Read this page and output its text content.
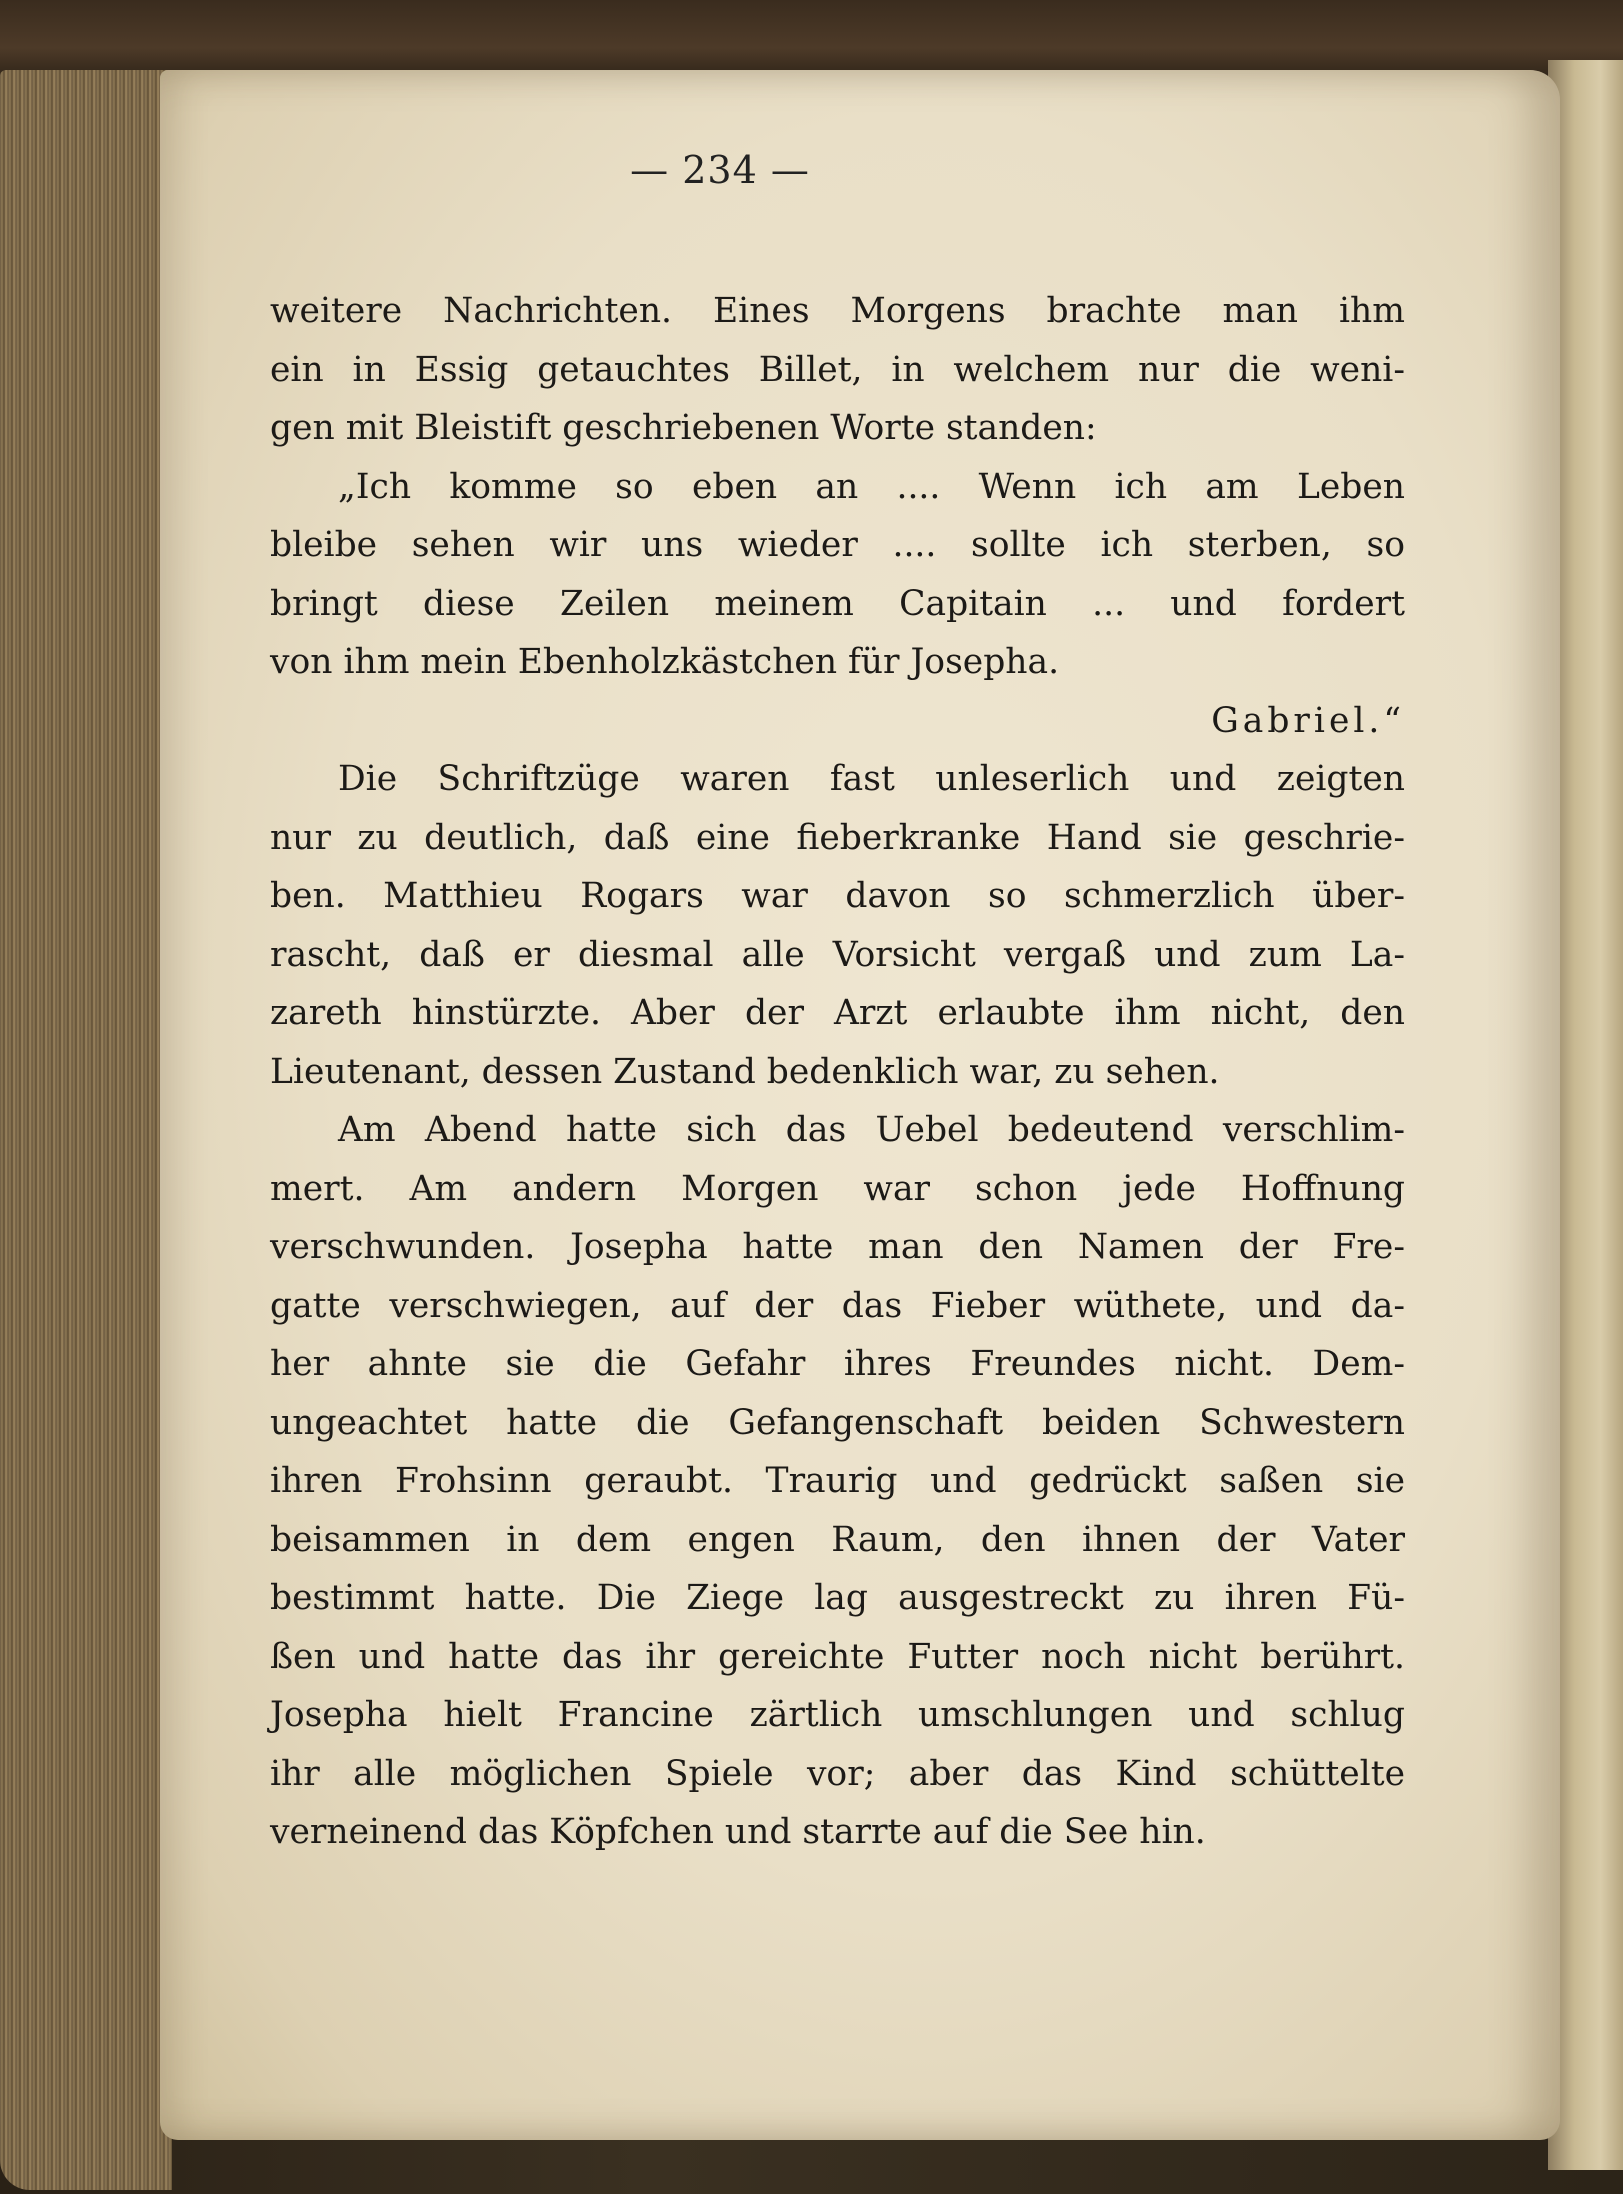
— 234 —
weitere Nachrichten. Eines Morgens brachte man ihm
ein in Essig getauchtes Billet, in welchem nur die weni-
gen mit Bleistift geschriebenen Worte standen:
„Ich komme so eben an .... Wenn ich am Leben
bleibe sehen wir uns wieder .... sollte ich sterben, so
bringt diese Zeilen meinem Capitain ... und fordert
von ihm mein Ebenholzkästchen für Josepha.
Gabriel.“
Die Schriftzüge waren fast unleserlich und zeigten
nur zu deutlich, daß eine fieberkranke Hand sie geschrie-
ben. Matthieu Rogars war davon so schmerzlich über-
rascht, daß er diesmal alle Vorsicht vergaß und zum La-
zareth hinstürzte. Aber der Arzt erlaubte ihm nicht, den
Lieutenant, dessen Zustand bedenklich war, zu sehen.
Am Abend hatte sich das Uebel bedeutend verschlim-
mert. Am andern Morgen war schon jede Hoffnung
verschwunden. Josepha hatte man den Namen der Fre-
gatte verschwiegen, auf der das Fieber wüthete, und da-
her ahnte sie die Gefahr ihres Freundes nicht. Dem-
ungeachtet hatte die Gefangenschaft beiden Schwestern
ihren Frohsinn geraubt. Traurig und gedrückt saßen sie
beisammen in dem engen Raum, den ihnen der Vater
bestimmt hatte. Die Ziege lag ausgestreckt zu ihren Fü-
ßen und hatte das ihr gereichte Futter noch nicht berührt.
Josepha hielt Francine zärtlich umschlungen und schlug
ihr alle möglichen Spiele vor; aber das Kind schüttelte
verneinend das Köpfchen und starrte auf die See hin.
